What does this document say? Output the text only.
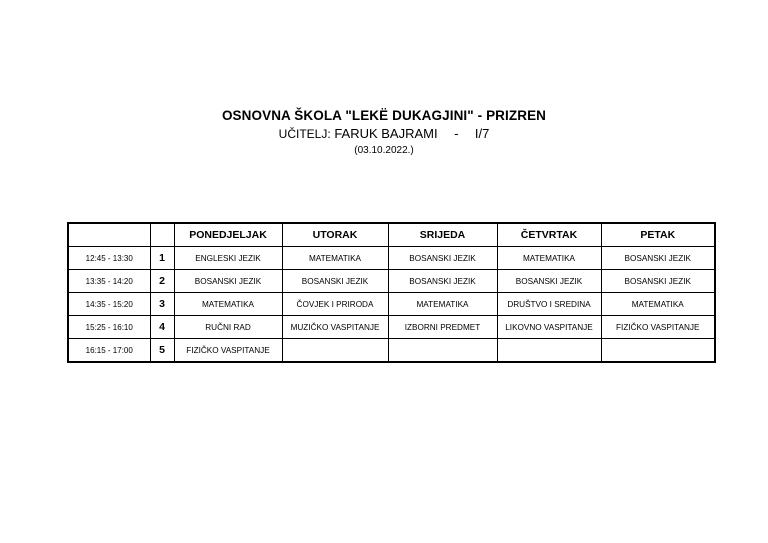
OSNOVNA ŠKOLA "LEKË DUKAGJINI" - PRIZREN
UČITELJ: FARUK BAJRAMI - I/7
(03.10.2022.)
		PONEDJELJAK	UTORAK	SRIJEDA	ČETVRTAK	PETAK
12:45 - 13:30	1	ENGLESKI JEZIK	MATEMATIKA	BOSANSKI JEZIK	MATEMATIKA	BOSANSKI JEZIK
13:35 - 14:20	2	BOSANSKI JEZIK	BOSANSKI JEZIK	BOSANSKI JEZIK	BOSANSKI JEZIK	BOSANSKI JEZIK
14:35 - 15:20	3	MATEMATIKA	ČOVJEK I PRIRODA	MATEMATIKA	DRUŠTVO I SREDINA	MATEMATIKA
15:25 - 16:10	4	RUČNI RAD	MUZIČKO VASPITANJE	IZBORNI PREDMET	LIKOVNO VASPITANJE	FIZIČKO VASPITANJE
16:15 - 17:00	5	FIZIČKO VASPITANJE				
